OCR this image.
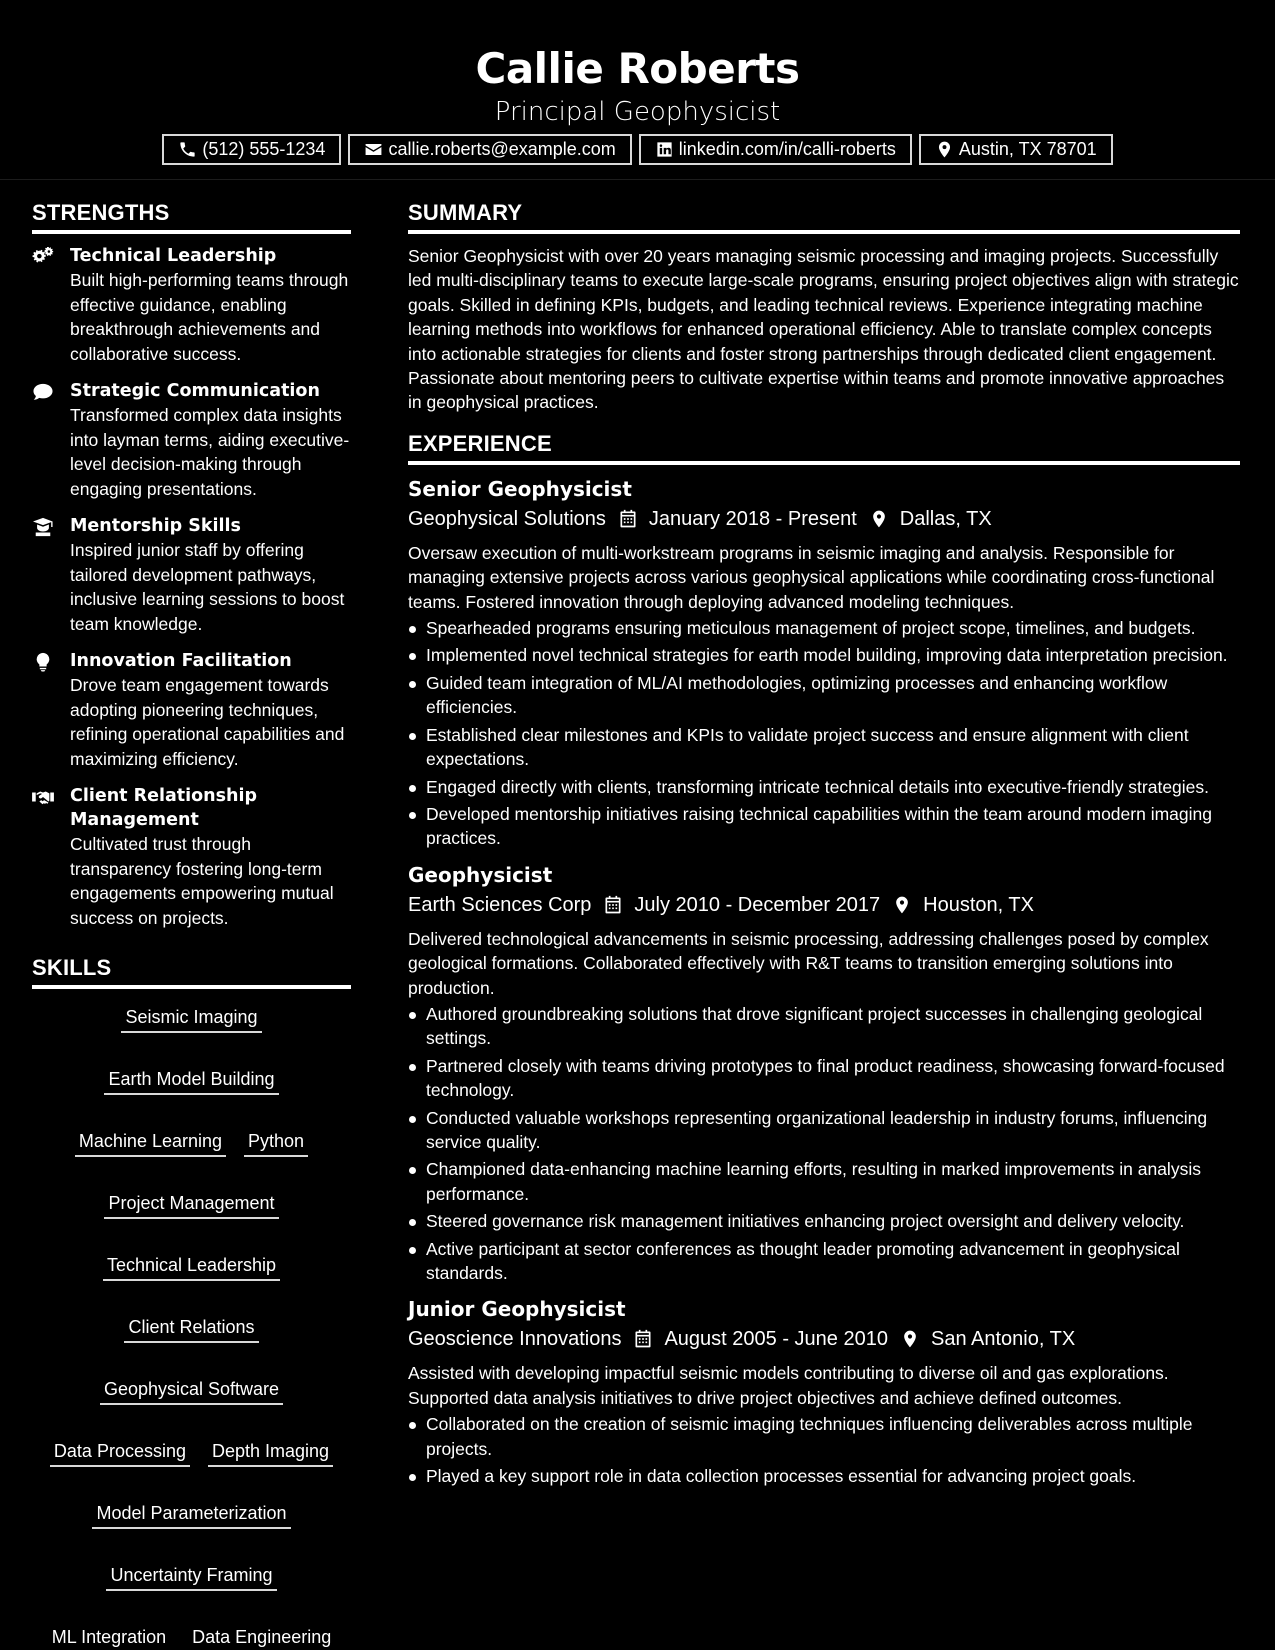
Callie Roberts
Principal Geophysicist
(512) 555-1234	callie.roberts@example.com	linkedin.com/in/calli-roberts	Austin, TX 78701
STRENGTHS
Technical Leadership
Built high-performing teams through effective guidance, enabling breakthrough achievements and collaborative success.
Strategic Communication
Transformed complex data insights into layman terms, aiding executive-level decision-making through engaging presentations.
Mentorship Skills
Inspired junior staff by offering tailored development pathways, inclusive learning sessions to boost team knowledge.
Innovation Facilitation
Drove team engagement towards adopting pioneering techniques, refining operational capabilities and maximizing efficiency.
Client Relationship Management
Cultivated trust through transparency fostering long-term engagements empowering mutual success on projects.
SKILLS
Seismic Imaging
Earth Model Building
Machine Learning Python
Project Management
Technical Leadership
Client Relations
Geophysical Software
Data Processing Depth Imaging
Model Parameterization
Uncertainty Framing
ML Integration Data Engineering
SUMMARY
Senior Geophysicist with over 20 years managing seismic processing and imaging projects. Successfully led multi-disciplinary teams to execute large-scale programs, ensuring project objectives align with strategic goals. Skilled in defining KPIs, budgets, and leading technical reviews. Experience integrating machine learning methods into workflows for enhanced operational efficiency. Able to translate complex concepts into actionable strategies for clients and foster strong partnerships through dedicated client engagement. Passionate about mentoring peers to cultivate expertise within teams and promote innovative approaches in geophysical practices.
EXPERIENCE
Senior Geophysicist
Geophysical Solutions January 2018 - Present Dallas, TX
Oversaw execution of multi-workstream programs in seismic imaging and analysis. Responsible for managing extensive projects across various geophysical applications while coordinating cross-functional teams. Fostered innovation through deploying advanced modeling techniques.
Spearheaded programs ensuring meticulous management of project scope, timelines, and budgets.
Implemented novel technical strategies for earth model building, improving data interpretation precision.
Guided team integration of ML/AI methodologies, optimizing processes and enhancing workflow efficiencies.
Established clear milestones and KPIs to validate project success and ensure alignment with client expectations.
Engaged directly with clients, transforming intricate technical details into executive-friendly strategies.
Developed mentorship initiatives raising technical capabilities within the team around modern imaging practices.
Geophysicist
Earth Sciences Corp July 2010 - December 2017 Houston, TX
Delivered technological advancements in seismic processing, addressing challenges posed by complex geological formations. Collaborated effectively with R&T teams to transition emerging solutions into production.
Authored groundbreaking solutions that drove significant project successes in challenging geological settings.
Partnered closely with teams driving prototypes to final product readiness, showcasing forward-focused technology.
Conducted valuable workshops representing organizational leadership in industry forums, influencing service quality.
Championed data-enhancing machine learning efforts, resulting in marked improvements in analysis performance.
Steered governance risk management initiatives enhancing project oversight and delivery velocity.
Active participant at sector conferences as thought leader promoting advancement in geophysical standards.
Junior Geophysicist
Geoscience Innovations August 2005 - June 2010 San Antonio, TX
Assisted with developing impactful seismic models contributing to diverse oil and gas explorations. Supported data analysis initiatives to drive project objectives and achieve defined outcomes.
Collaborated on the creation of seismic imaging techniques influencing deliverables across multiple projects.
Played a key support role in data collection processes essential for advancing project goals.
